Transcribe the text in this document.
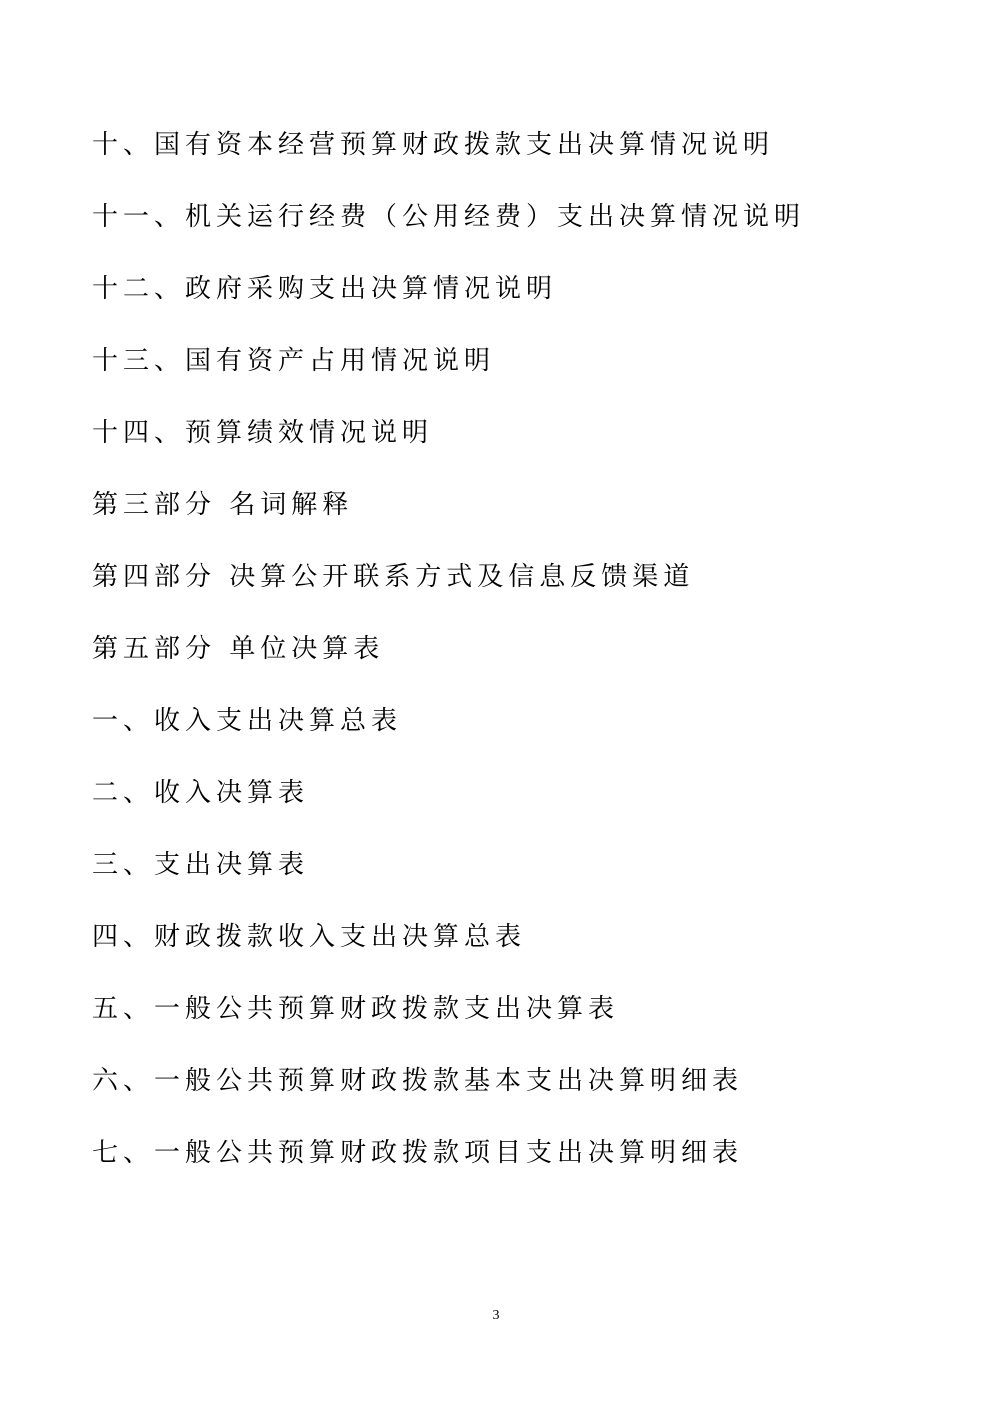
十、国有资本经营预算财政拨款支出决算情况说明
十一、机关运行经费（公用经费）支出决算情况说明
十二、政府采购支出决算情况说明
十三、国有资产占用情况说明
十四、预算绩效情况说明
第三部分 名词解释
第四部分 决算公开联系方式及信息反馈渠道
第五部分 单位决算表
一、收入支出决算总表
二、收入决算表
三、支出决算表
四、财政拨款收入支出决算总表
五、一般公共预算财政拨款支出决算表
六、一般公共预算财政拨款基本支出决算明细表
七、一般公共预算财政拨款项目支出决算明细表
3
